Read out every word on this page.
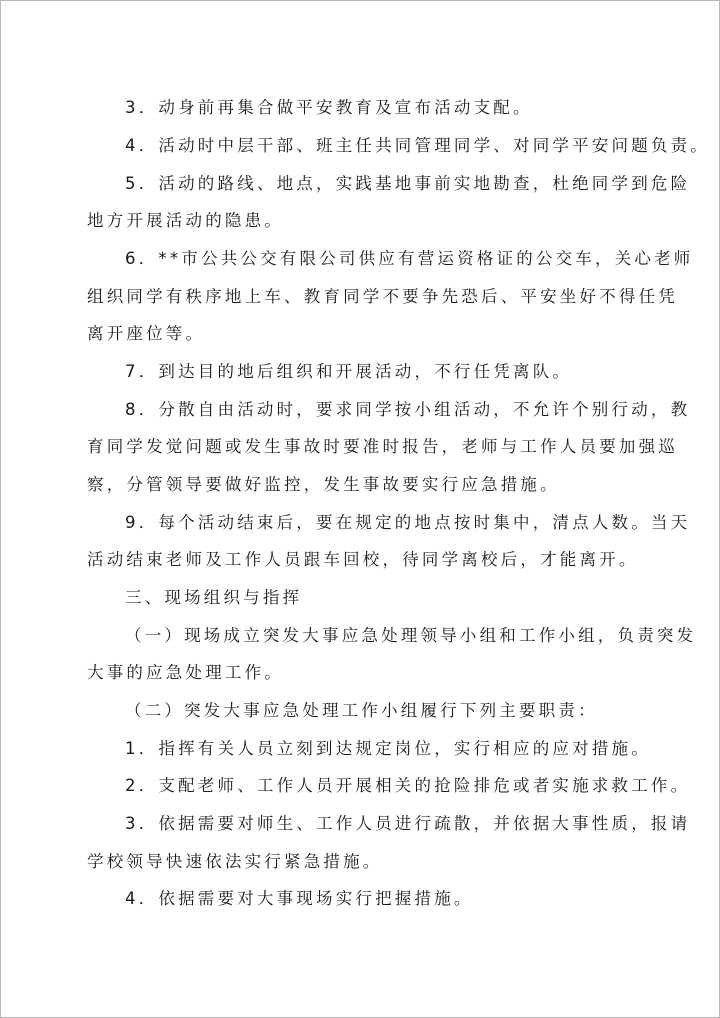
3．动身前再集合做平安教育及宣布活动支配。
4．活动时中层干部、班主任共同管理同学、对同学平安问题负责。
5．活动的路线、地点，实践基地事前实地勘查，杜绝同学到危险
地方开展活动的隐患。
6．**市公共公交有限公司供应有营运资格证的公交车，关心老师
组织同学有秩序地上车、教育同学不要争先恐后、平安坐好不得任凭
离开座位等。
7．到达目的地后组织和开展活动，不行任凭离队。
8．分散自由活动时，要求同学按小组活动，不允许个别行动，教
育同学发觉问题或发生事故时要准时报告，老师与工作人员要加强巡
察，分管领导要做好监控，发生事故要实行应急措施。
9．每个活动结束后，要在规定的地点按时集中，清点人数。当天
活动结束老师及工作人员跟车回校，待同学离校后，才能离开。
三、现场组织与指挥
（一）现场成立突发大事应急处理领导小组和工作小组，负责突发
大事的应急处理工作。
（二）突发大事应急处理工作小组履行下列主要职责：
1．指挥有关人员立刻到达规定岗位，实行相应的应对措施。
2．支配老师、工作人员开展相关的抢险排危或者实施求救工作。
3．依据需要对师生、工作人员进行疏散，并依据大事性质，报请
学校领导快速依法实行紧急措施。
4．依据需要对大事现场实行把握措施。
